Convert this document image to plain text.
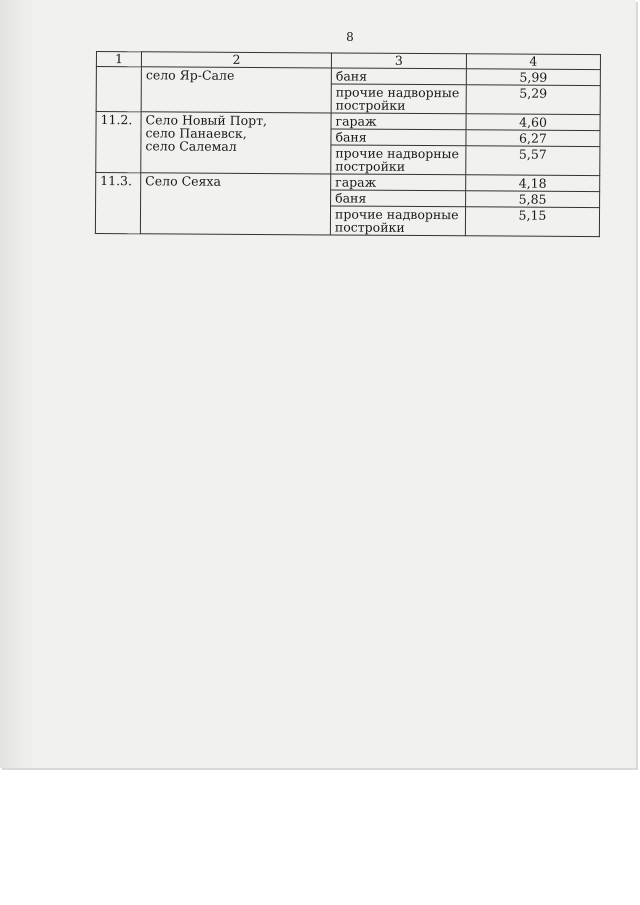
8
1	2	3	4

	село Яр-Сале	баня	5,99
		прочие надворные постройки	5,29
11.2.	Село Новый Порт,
село Панаевск,
село Салемал	гараж	4,60
		баня	6,27
		прочие надворные постройки	5,57
11.3.	Село Сеяха	гараж	4,18
		баня	5,85
		прочие надворные постройки	5,15
